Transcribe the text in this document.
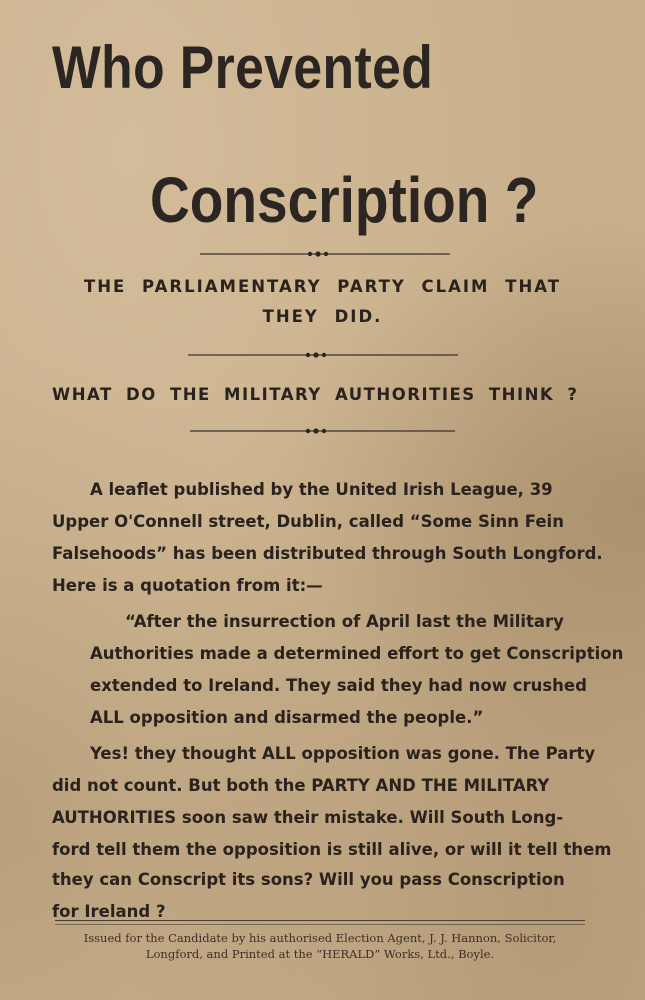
Who Prevented
Conscription ?
THE PARLIAMENTARY PARTY CLAIM THAT
THEY DID.
WHAT DO THE MILITARY AUTHORITIES THINK ?
A leaflet published by the United Irish League, 39
Upper O'Connell street, Dublin, called “Some Sinn Fein
Falsehoods” has been distributed through South Longford.
Here is a quotation from it:—
“After the insurrection of April last the Military
Authorities made a determined effort to get Conscription
extended to Ireland. They said they had now crushed
ALL opposition and disarmed the people.”
Yes! they thought ALL opposition was gone. The Party
did not count. But both the PARTY AND THE MILITARY
AUTHORITIES soon saw their mistake. Will South Long-
ford tell them the opposition is still alive, or will it tell them
they can Conscript its sons? Will you pass Conscription
for Ireland ?
Issued for the Candidate by his authorised Election Agent, J. J. Hannon, Solicitor,
Longford, and Printed at the “HERALD” Works, Ltd., Boyle.
